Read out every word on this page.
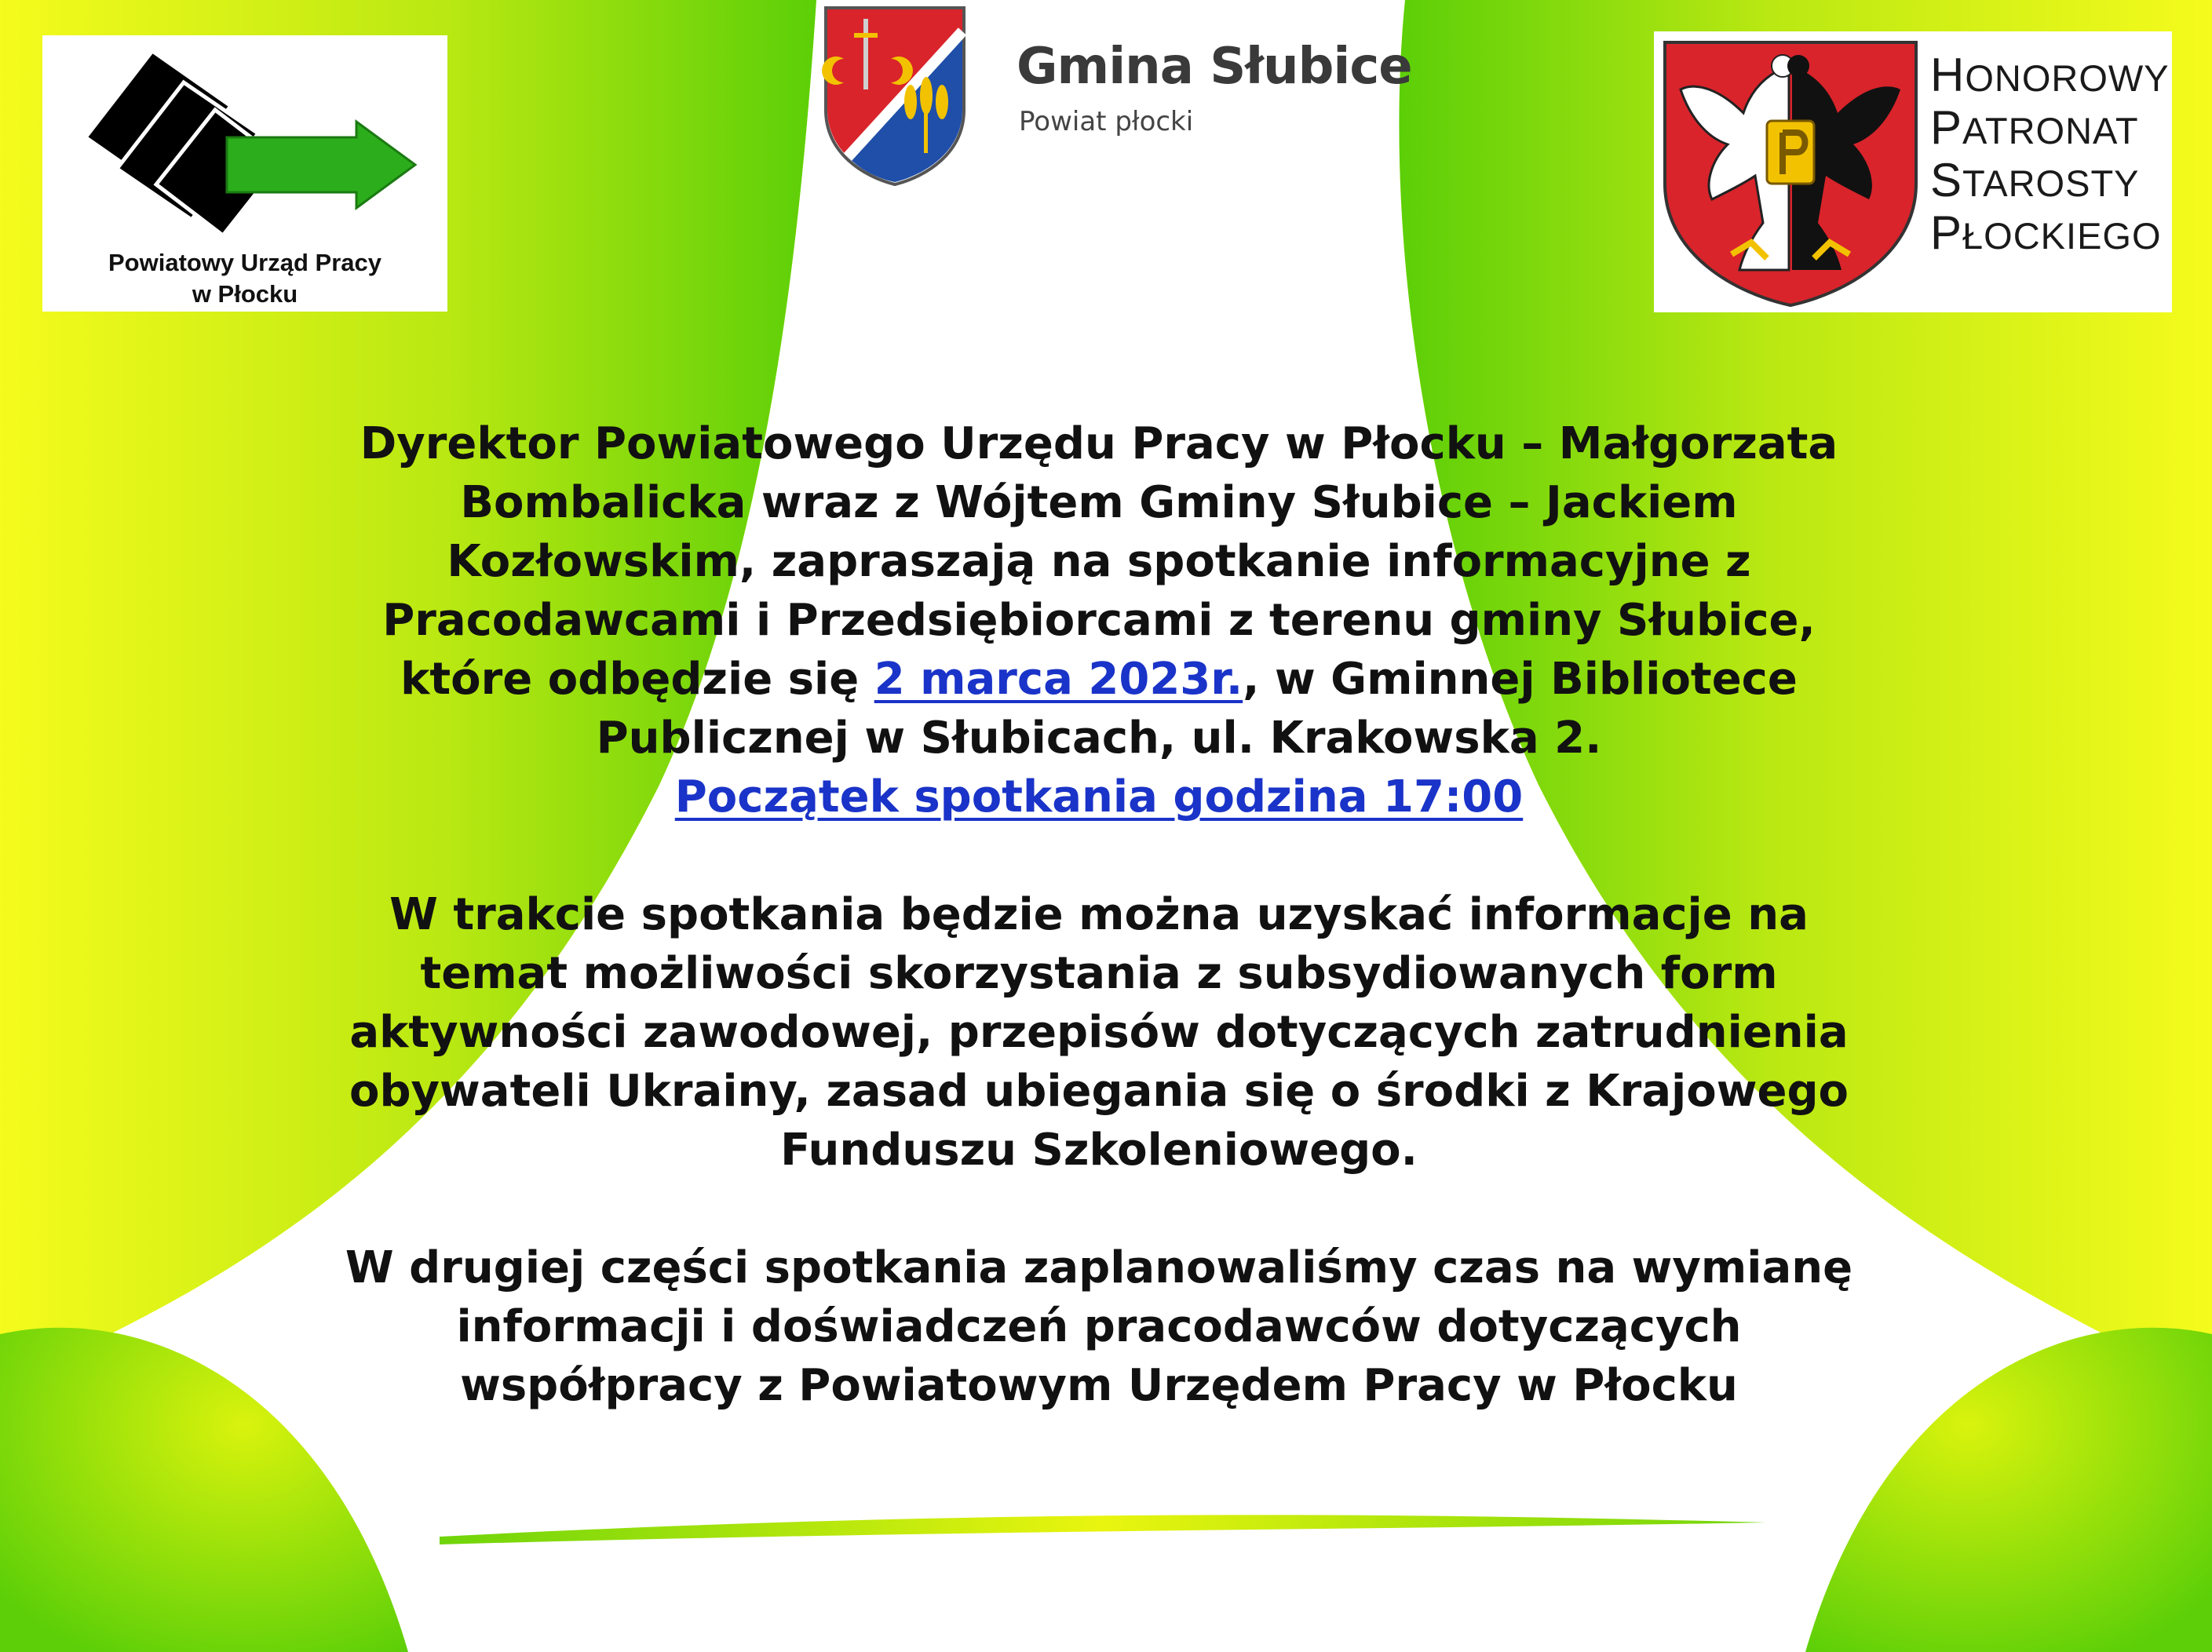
Powiatowy Urząd Pracy
w Płocku
Gmina Słubice
Powiat płocki
HONOROWY
PATRONAT
STAROSTY
PŁOCKIEGO

Dyrektor Powiatowego Urzędu Pracy w Płocku – Małgorzata Bombalicka wraz z Wójtem Gminy Słubice – Jackiem Kozłowskim, zapraszają na spotkanie informacyjne z Pracodawcami i Przedsiębiorcami z terenu gminy Słubice, które odbędzie się 2 marca 2023r., w Gminnej Bibliotece Publicznej w Słubicach, ul. Krakowska 2.
Początek spotkania godzina 17:00

W trakcie spotkania będzie można uzyskać informacje na temat możliwości skorzystania z subsydiowanych form aktywności zawodowej, przepisów dotyczących zatrudnienia obywateli Ukrainy, zasad ubiegania się o środki z Krajowego Funduszu Szkoleniowego.

W drugiej części spotkania zaplanowaliśmy czas na wymianę informacji i doświadczeń pracodawców dotyczących współpracy z Powiatowym Urzędem Pracy w Płocku
